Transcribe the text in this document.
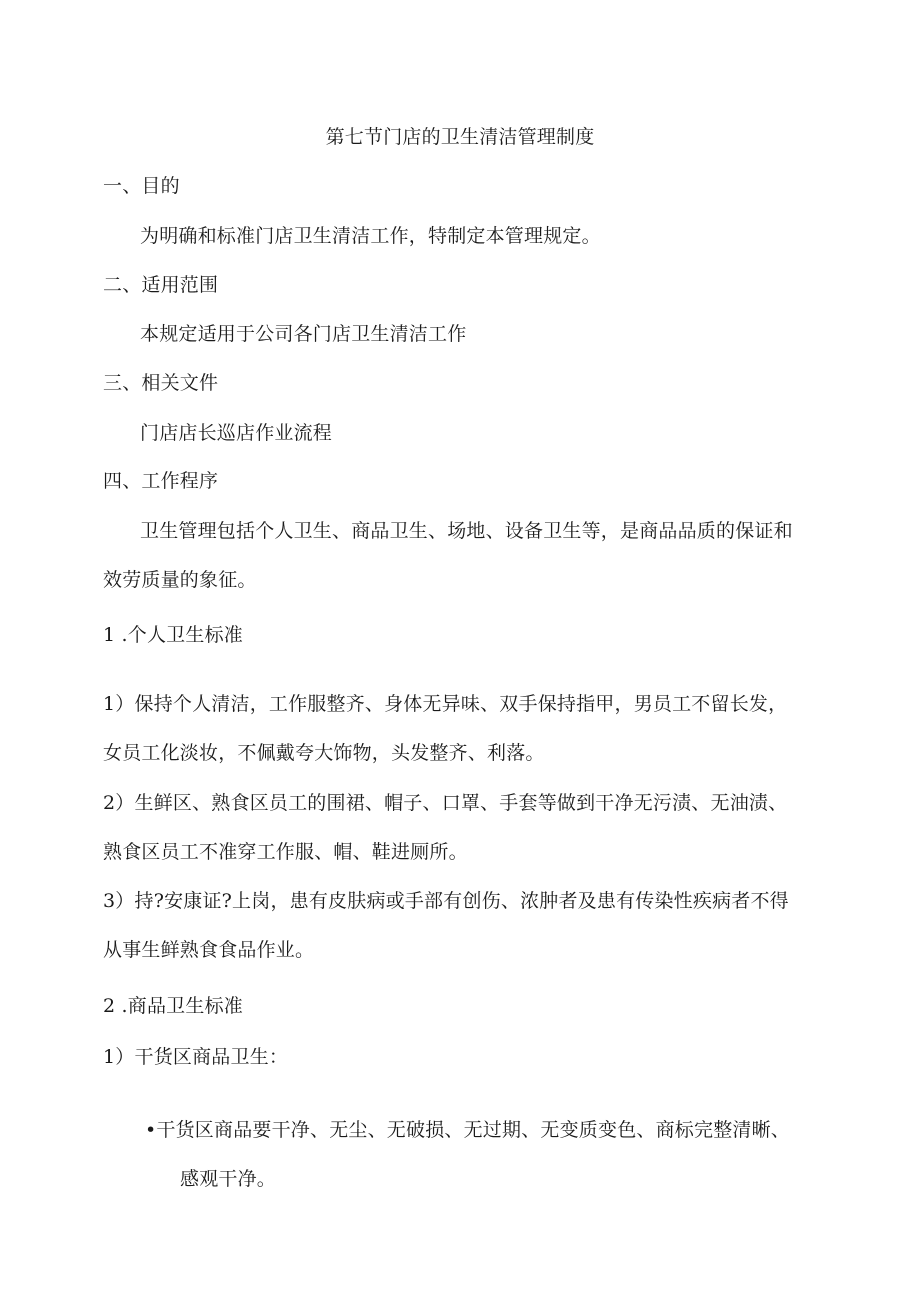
第七节门店的卫生清洁管理制度
一、目的
为明确和标准门店卫生清洁工作，特制定本管理规定。
二、适用范围
本规定适用于公司各门店卫生清洁工作
三、相关文件
门店店长巡店作业流程
四、工作程序
卫生管理包括个人卫生、商品卫生、场地、设备卫生等，是商品品质的保证和
效劳质量的象征。
1 .个人卫生标准
1）保持个人清洁，工作服整齐、身体无异味、双手保持指甲，男员工不留长发，
女员工化淡妆，不佩戴夸大饰物，头发整齐、利落。
2）生鲜区、熟食区员工的围裙、帽子、口罩、手套等做到干净无污渍、无油渍、
熟食区员工不准穿工作服、帽、鞋进厕所。
3）持?安康证?上岗，患有皮肤病或手部有创伤、浓肿者及患有传染性疾病者不得
从事生鲜熟食食品作业。
2 .商品卫生标准
1）干货区商品卫生：
•干货区商品要干净、无尘、无破损、无过期、无变质变色、商标完整清晰、
感观干净。
